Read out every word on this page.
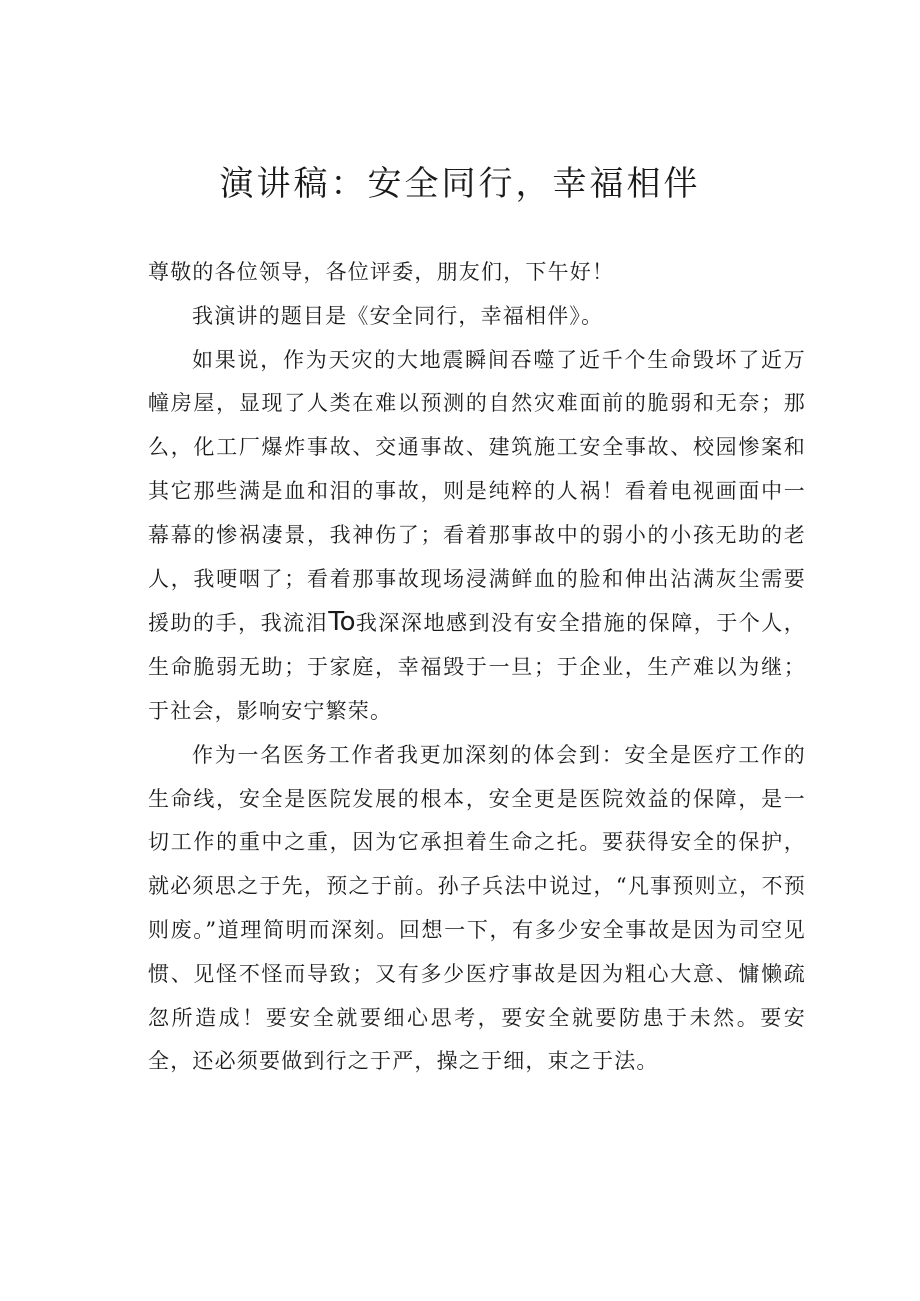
演讲稿：安全同行，幸福相伴

尊敬的各位领导，各位评委，朋友们，下午好！

我演讲的题目是《安全同行，幸福相伴》。

如果说，作为天灾的大地震瞬间吞噬了近千个生命毁坏了近万幢房屋，显现了人类在难以预测的自然灾难面前的脆弱和无奈；那么，化工厂爆炸事故、交通事故、建筑施工安全事故、校园惨案和其它那些满是血和泪的事故，则是纯粹的人祸！看着电视画面中一幕幕的惨祸凄景，我神伤了；看着那事故中的弱小的小孩无助的老人，我哽咽了；看着那事故现场浸满鲜血的脸和伸出沾满灰尘需要援助的手，我流泪To我深深地感到没有安全措施的保障，于个人，生命脆弱无助；于家庭，幸福毁于一旦；于企业，生产难以为继；于社会，影响安宁繁荣。

作为一名医务工作者我更加深刻的体会到：安全是医疗工作的生命线，安全是医院发展的根本，安全更是医院效益的保障，是一切工作的重中之重，因为它承担着生命之托。要获得安全的保护，就必须思之于先，预之于前。孙子兵法中说过，“凡事预则立，不预则废。”道理简明而深刻。回想一下，有多少安全事故是因为司空见惯、见怪不怪而导致；又有多少医疗事故是因为粗心大意、慵懒疏忽所造成！要安全就要细心思考，要安全就要防患于未然。要安全，还必须要做到行之于严，操之于细，束之于法。
